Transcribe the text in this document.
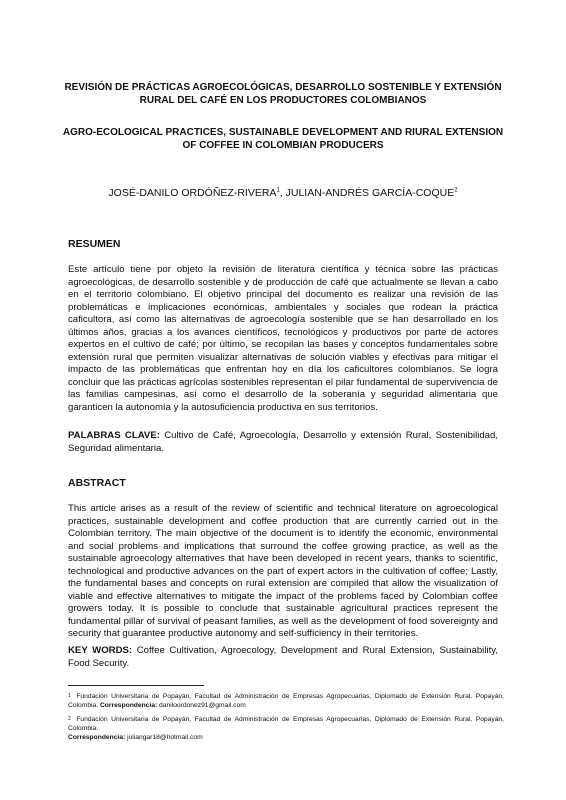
REVISIÓN DE PRÁCTICAS AGROECOLÓGICAS, DESARROLLO SOSTENIBLE Y EXTENSIÓN RURAL DEL CAFÉ EN LOS PRODUCTORES COLOMBIANOS
AGRO-ECOLOGICAL PRACTICES, SUSTAINABLE DEVELOPMENT AND RIURAL EXTENSION OF COFFEE IN COLOMBIAN PRODUCERS
JOSÉ-DANILO ORDÓÑEZ-RIVERA$^1$, JULIAN-ANDRÉS GARCÍA-COQUE$^2$
RESUMEN
Este artículo tiene por objeto la revisión de literatura científica y técnica sobre las prácticas agroecológicas, de desarrollo sostenible y de producción de café que actualmente se llevan a cabo en el territorio colombiano. El objetivo principal del documento es realizar una revisión de las problemáticas e implicaciones económicas, ambientales y sociales que rodean la práctica caficultora, así como las alternativas de agroecología sostenible que se han desarrollado en los últimos años, gracias a los avances científicos, tecnológicos y productivos por parte de actores expertos en el cultivo de café; por último, se recopilan las bases y conceptos fundamentales sobre extensión rural que permiten visualizar alternativas de solución viables y efectivas para mitigar el impacto de las problemáticas que enfrentan hoy en día los caficultores colombianos. Se logra concluir que las prácticas agrícolas sostenibles representan el pilar fundamental de supervivencia de las familias campesinas, así como el desarrollo de la soberanía y seguridad alimentaria que garanticen la autonomía y la autosuficiencia productiva en sus territorios.
PALABRAS CLAVE: Cultivo de Café, Agroecología, Desarrollo y extensión Rural, Sostenibilidad, Seguridad alimentaria.
ABSTRACT
This article arises as a result of the review of scientific and technical literature on agroecological practices, sustainable development and coffee production that are currently carried out in the Colombian territory. The main objective of the document is to identify the economic, environmental and social problems and implications that surround the coffee growing practice, as well as the sustainable agroecology alternatives that have been developed in recent years, thanks to scientific, technological and productive advances on the part of expert actors in the cultivation of coffee; Lastly, the fundamental bases and concepts on rural extension are compiled that allow the visualization of viable and effective alternatives to mitigate the impact of the problems faced by Colombian coffee growers today. It is possible to conclude that sustainable agricultural practices represent the fundamental pillar of survival of peasant families, as well as the development of food sovereignty and security that guarantee productive autonomy and self-sufficiency in their territories.
KEY WORDS: Coffee Cultivation, Agroecology, Development and Rural Extension, Sustainability, Food Security.
$^1$ Fundación Universitaria de Popayán, Facultad de Administración de Empresas Agropecuarias, Diplomado de Extensión Rural. Popayán, Colombia. Correspondencia: daniloordonez91@gmail.com
$^2$ Fundación Universitaria de Popayán, Facultad de Administración de Empresas Agropecuarias, Diplomado de Extensión Rural. Popayán, Colombia.
Correspondencia: juliangar18@hotmail.com
